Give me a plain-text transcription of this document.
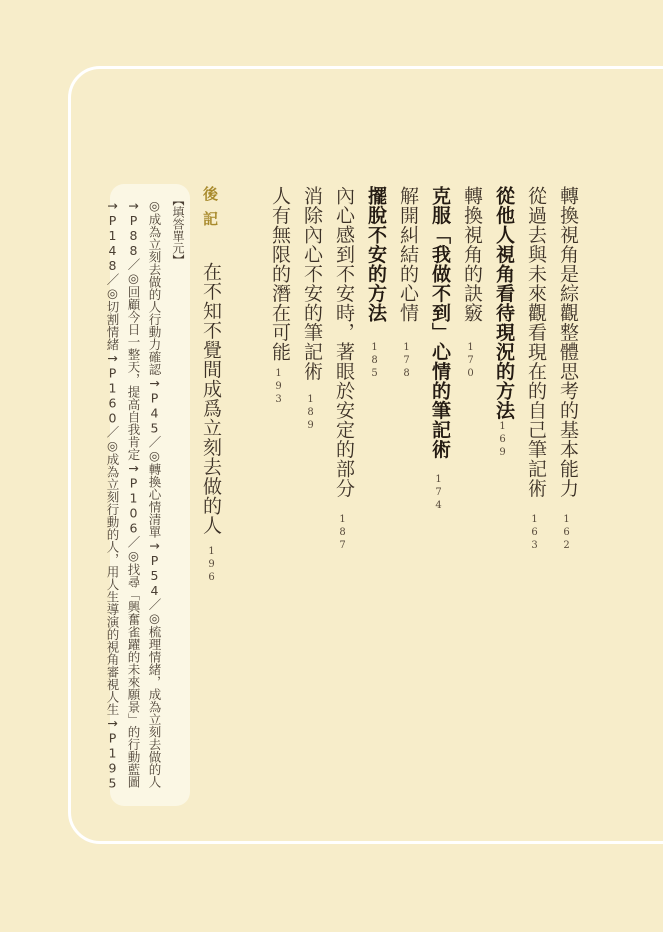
轉換視角是綜觀整體思考的基本能力
162
從過去與未來觀看現在的自己筆記術
163
從他人視角看待現況的方法
169
轉換視角的訣竅
170
克服「我做不到」心情的筆記術
174
解開糾結的心情
178
擺脫不安的方法
185
內心感到不安時，著眼於安定的部分
187
消除內心不安的筆記術
189
人有無限的潛在可能
193
後記
在不知不覺間成爲立刻去做的人
196
【填答單元】
◎成為立刻去做的人行動力確認→P45／◎轉換心情清單→P54／◎梳理情緒，成為立刻去做的人
→P88／◎回顧今日一整天，提高自我肯定→P106／◎找尋「興奮雀躍的未來願景」的行動藍圖
→P148／◎切割情緒→P160／◎成為立刻行動的人，用人生導演的視角審視人生→P195
